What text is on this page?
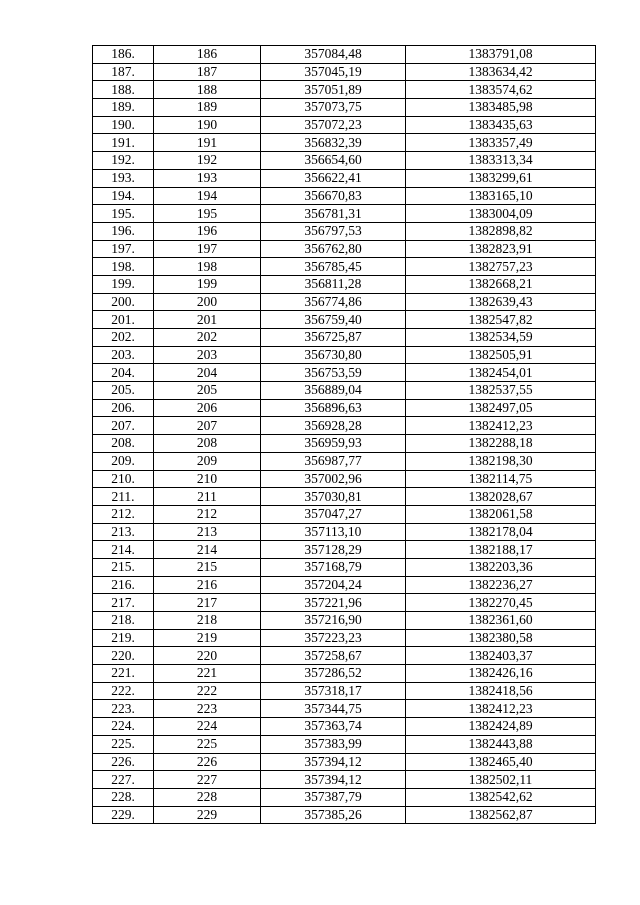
186.	186	357084,48	1383791,08
187.	187	357045,19	1383634,42
188.	188	357051,89	1383574,62
189.	189	357073,75	1383485,98
190.	190	357072,23	1383435,63
191.	191	356832,39	1383357,49
192.	192	356654,60	1383313,34
193.	193	356622,41	1383299,61
194.	194	356670,83	1383165,10
195.	195	356781,31	1383004,09
196.	196	356797,53	1382898,82
197.	197	356762,80	1382823,91
198.	198	356785,45	1382757,23
199.	199	356811,28	1382668,21
200.	200	356774,86	1382639,43
201.	201	356759,40	1382547,82
202.	202	356725,87	1382534,59
203.	203	356730,80	1382505,91
204.	204	356753,59	1382454,01
205.	205	356889,04	1382537,55
206.	206	356896,63	1382497,05
207.	207	356928,28	1382412,23
208.	208	356959,93	1382288,18
209.	209	356987,77	1382198,30
210.	210	357002,96	1382114,75
211.	211	357030,81	1382028,67
212.	212	357047,27	1382061,58
213.	213	357113,10	1382178,04
214.	214	357128,29	1382188,17
215.	215	357168,79	1382203,36
216.	216	357204,24	1382236,27
217.	217	357221,96	1382270,45
218.	218	357216,90	1382361,60
219.	219	357223,23	1382380,58
220.	220	357258,67	1382403,37
221.	221	357286,52	1382426,16
222.	222	357318,17	1382418,56
223.	223	357344,75	1382412,23
224.	224	357363,74	1382424,89
225.	225	357383,99	1382443,88
226.	226	357394,12	1382465,40
227.	227	357394,12	1382502,11
228.	228	357387,79	1382542,62
229.	229	357385,26	1382562,87
